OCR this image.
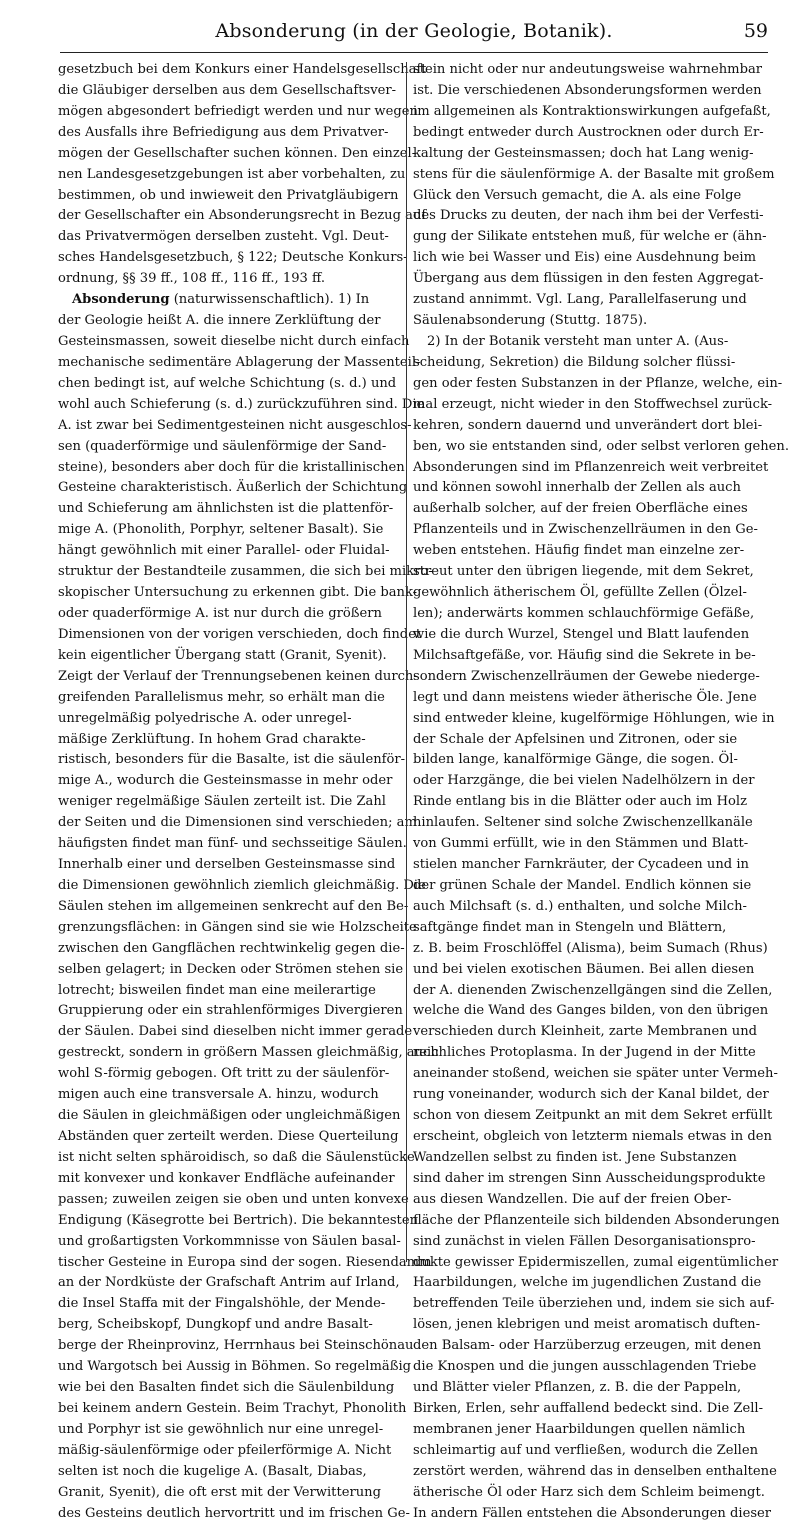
Absonderung (in der Geologie, Botanik).	59
gesetzbuch bei dem Konkurs einer Handelsgesellschaft
die Gläubiger derselben aus dem Gesellschaftsver-
mögen abgesondert befriedigt werden und nur wegen
des Ausfalls ihre Befriedigung aus dem Privatver-
mögen der Gesellschafter suchen können. Den einzel-
nen Landesgesetzgebungen ist aber vorbehalten, zu
bestimmen, ob und inwieweit den Privatgläubigern
der Gesellschafter ein Absonderungsrecht in Bezug auf
das Privatvermögen derselben zusteht. Vgl. Deut-
sches Handelsgesetzbuch, § 122; Deutsche Konkurs-
ordnung, §§ 39 ff., 108 ff., 116 ff., 193 ff.
Absonderung (naturwissenschaftlich). 1) In
der Geologie heißt A. die innere Zerklüftung der
Gesteinsmassen, soweit dieselbe nicht durch einfach
mechanische sedimentäre Ablagerung der Massenteil-
chen bedingt ist, auf welche Schichtung (s. d.) und
wohl auch Schieferung (s. d.) zurückzuführen sind. Die
A. ist zwar bei Sedimentgesteinen nicht ausgeschlos-
sen (quaderförmige und säulenförmige der Sand-
steine), besonders aber doch für die kristallinischen
Gesteine charakteristisch. Äußerlich der Schichtung
und Schieferung am ähnlichsten ist die plattenför-
mige A. (Phonolith, Porphyr, seltener Basalt). Sie
hängt gewöhnlich mit einer Parallel- oder Fluidal-
struktur der Bestandteile zusammen, die sich bei mikro-
skopischer Untersuchung zu erkennen gibt. Die bank-
oder quaderförmige A. ist nur durch die größern
Dimensionen von der vorigen verschieden, doch findet
kein eigentlicher Übergang statt (Granit, Syenit).
Zeigt der Verlauf der Trennungsebenen keinen durch-
greifenden Parallelismus mehr, so erhält man die
unregelmäßig polyedrische A. oder unregel-
mäßige Zerklüftung. In hohem Grad charakte-
ristisch, besonders für die Basalte, ist die säulenför-
mige A., wodurch die Gesteinsmasse in mehr oder
weniger regelmäßige Säulen zerteilt ist. Die Zahl
der Seiten und die Dimensionen sind verschieden; am
häufigsten findet man fünf- und sechsseitige Säulen.
Innerhalb einer und derselben Gesteinsmasse sind
die Dimensionen gewöhnlich ziemlich gleichmäßig. Die
Säulen stehen im allgemeinen senkrecht auf den Be-
grenzungsflächen: in Gängen sind sie wie Holzscheite
zwischen den Gangflächen rechtwinkelig gegen die-
selben gelagert; in Decken oder Strömen stehen sie
lotrecht; bisweilen findet man eine meilerartige
Gruppierung oder ein strahlenförmiges Divergieren
der Säulen. Dabei sind dieselben nicht immer gerade
gestreckt, sondern in größern Massen gleichmäßig, auch
wohl S-förmig gebogen. Oft tritt zu der säulenför-
migen auch eine transversale A. hinzu, wodurch
die Säulen in gleichmäßigen oder ungleichmäßigen
Abständen quer zerteilt werden. Diese Querteilung
ist nicht selten sphäroidisch, so daß die Säulenstücke
mit konvexer und konkaver Endfläche aufeinander
passen; zuweilen zeigen sie oben und unten konvexe
Endigung (Käsegrotte bei Bertrich). Die bekanntesten
und großartigsten Vorkommnisse von Säulen basal-
tischer Gesteine in Europa sind der sogen. Riesendamm
an der Nordküste der Grafschaft Antrim auf Irland,
die Insel Staffa mit der Fingalshöhle, der Mende-
berg, Scheibskopf, Dungkopf und andre Basalt-
berge der Rheinprovinz, Herrnhaus bei Steinschönau
und Wargotsch bei Aussig in Böhmen. So regelmäßig
wie bei den Basalten findet sich die Säulenbildung
bei keinem andern Gestein. Beim Trachyt, Phonolith
und Porphyr ist sie gewöhnlich nur eine unregel-
mäßig-säulenförmige oder pfeilerförmige A. Nicht
selten ist noch die kugelige A. (Basalt, Diabas,
Granit, Syenit), die oft erst mit der Verwitterung
des Gesteins deutlich hervortritt und im frischen Ge-
stein nicht oder nur andeutungsweise wahrnehmbar
ist. Die verschiedenen Absonderungsformen werden
im allgemeinen als Kontraktionswirkungen aufgefaßt,
bedingt entweder durch Austrocknen oder durch Er-
kaltung der Gesteinsmassen; doch hat Lang wenig-
stens für die säulenförmige A. der Basalte mit großem
Glück den Versuch gemacht, die A. als eine Folge
des Drucks zu deuten, der nach ihm bei der Verfesti-
gung der Silikate entstehen muß, für welche er (ähn-
lich wie bei Wasser und Eis) eine Ausdehnung beim
Übergang aus dem flüssigen in den festen Aggregat-
zustand annimmt. Vgl. Lang, Parallelfaserung und
Säulenabsonderung (Stuttg. 1875).
2) In der Botanik versteht man unter A. (Aus-
scheidung, Sekretion) die Bildung solcher flüssi-
gen oder festen Substanzen in der Pflanze, welche, ein-
mal erzeugt, nicht wieder in den Stoffwechsel zurück-
kehren, sondern dauernd und unverändert dort blei-
ben, wo sie entstanden sind, oder selbst verloren gehen.
Absonderungen sind im Pflanzenreich weit verbreitet
und können sowohl innerhalb der Zellen als auch
außerhalb solcher, auf der freien Oberfläche eines
Pflanzenteils und in Zwischenzellräumen in den Ge-
weben entstehen. Häufig findet man einzelne zer-
streut unter den übrigen liegende, mit dem Sekret,
gewöhnlich ätherischem Öl, gefüllte Zellen (Ölzel-
len); anderwärts kommen schlauchförmige Gefäße,
wie die durch Wurzel, Stengel und Blatt laufenden
Milchsaftgefäße, vor. Häufig sind die Sekrete in be-
sondern Zwischenzellräumen der Gewebe niederge-
legt und dann meistens wieder ätherische Öle. Jene
sind entweder kleine, kugelförmige Höhlungen, wie in
der Schale der Apfelsinen und Zitronen, oder sie
bilden lange, kanalförmige Gänge, die sogen. Öl-
oder Harzgänge, die bei vielen Nadelhölzern in der
Rinde entlang bis in die Blätter oder auch im Holz
hinlaufen. Seltener sind solche Zwischenzellkanäle
von Gummi erfüllt, wie in den Stämmen und Blatt-
stielen mancher Farnkräuter, der Cycadeen und in
der grünen Schale der Mandel. Endlich können sie
auch Milchsaft (s. d.) enthalten, und solche Milch-
saftgänge findet man in Stengeln und Blättern,
z. B. beim Froschlöffel (Alisma), beim Sumach (Rhus)
und bei vielen exotischen Bäumen. Bei allen diesen
der A. dienenden Zwischenzellgängen sind die Zellen,
welche die Wand des Ganges bilden, von den übrigen
verschieden durch Kleinheit, zarte Membranen und
reichliches Protoplasma. In der Jugend in der Mitte
aneinander stoßend, weichen sie später unter Vermeh-
rung voneinander, wodurch sich der Kanal bildet, der
schon von diesem Zeitpunkt an mit dem Sekret erfüllt
erscheint, obgleich von letzterm niemals etwas in den
Wandzellen selbst zu finden ist. Jene Substanzen
sind daher im strengen Sinn Ausscheidungsprodukte
aus diesen Wandzellen. Die auf der freien Ober-
fläche der Pflanzenteile sich bildenden Absonderungen
sind zunächst in vielen Fällen Desorganisationspro-
dukte gewisser Epidermiszellen, zumal eigentümlicher
Haarbildungen, welche im jugendlichen Zustand die
betreffenden Teile überziehen und, indem sie sich auf-
lösen, jenen klebrigen und meist aromatisch duften-
den Balsam- oder Harzüberzug erzeugen, mit denen
die Knospen und die jungen ausschlagenden Triebe
und Blätter vieler Pflanzen, z. B. die der Pappeln,
Birken, Erlen, sehr auffallend bedeckt sind. Die Zell-
membranen jener Haarbildungen quellen nämlich
schleimartig auf und verfließen, wodurch die Zellen
zerstört werden, während das in denselben enthaltene
ätherische Öl oder Harz sich dem Schleim beimengt.
In andern Fällen entstehen die Absonderungen dieser
